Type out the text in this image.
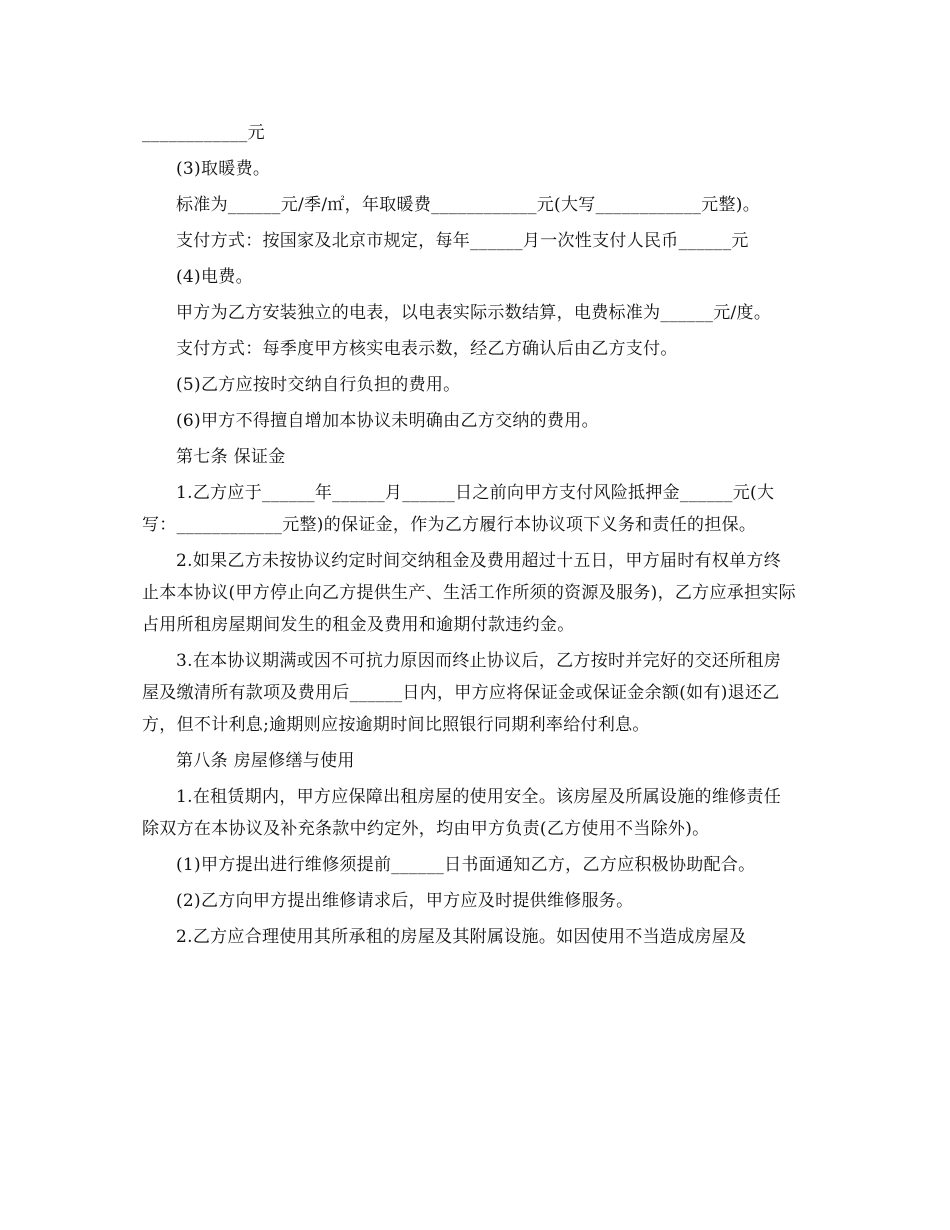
____________元

(3)取暖费。

标准为______元/季/㎡，年取暖费____________元(大写____________元整)。

支付方式：按国家及北京市规定，每年______月一次性支付人民币______元

(4)电费。

甲方为乙方安装独立的电表，以电表实际示数结算，电费标准为______元/度。

支付方式：每季度甲方核实电表示数，经乙方确认后由乙方支付。

(5)乙方应按时交纳自行负担的费用。

(6)甲方不得擅自增加本协议未明确由乙方交纳的费用。

第七条 保证金

1.乙方应于______年______月______日之前向甲方支付风险抵押金______元(大写：____________元整)的保证金，作为乙方履行本协议项下义务和责任的担保。

2.如果乙方未按协议约定时间交纳租金及费用超过十五日，甲方届时有权单方终止本本协议(甲方停止向乙方提供生产、生活工作所须的资源及服务)，乙方应承担实际占用所租房屋期间发生的租金及费用和逾期付款违约金。

3.在本协议期满或因不可抗力原因而终止协议后，乙方按时并完好的交还所租房屋及缴清所有款项及费用后______日内，甲方应将保证金或保证金余额(如有)退还乙方，但不计利息;逾期则应按逾期时间比照银行同期利率给付利息。

第八条 房屋修缮与使用

1.在租赁期内，甲方应保障出租房屋的使用安全。该房屋及所属设施的维修责任除双方在本协议及补充条款中约定外，均由甲方负责(乙方使用不当除外)。

(1)甲方提出进行维修须提前______日书面通知乙方，乙方应积极协助配合。

(2)乙方向甲方提出维修请求后，甲方应及时提供维修服务。

2.乙方应合理使用其所承租的房屋及其附属设施。如因使用不当造成房屋及
